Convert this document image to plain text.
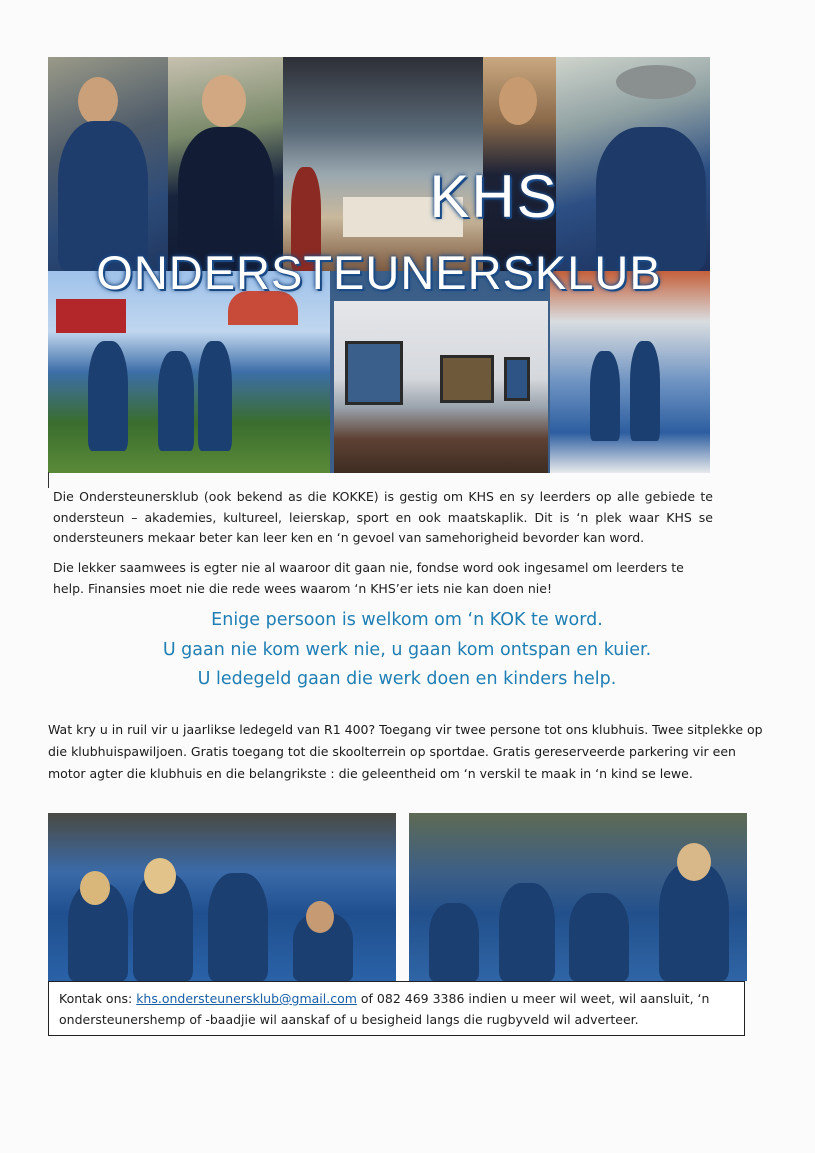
KHS
ONDERSTEUNERSKLUB

Die Ondersteunersklub (ook bekend as die KOKKE) is gestig om KHS en sy leerders op alle gebiede te ondersteun – akademies, kultureel, leierskap, sport en ook maatskaplik. Dit is ‘n plek waar KHS se ondersteuners mekaar beter kan leer ken en ‘n gevoel van samehorigheid bevorder kan word.

Die lekker saamwees is egter nie al waaroor dit gaan nie, fondse word ook ingesamel om leerders te help. Finansies moet nie die rede wees waarom ‘n KHS’er iets nie kan doen nie!

Enige persoon is welkom om ‘n KOK te word.
U gaan nie kom werk nie, u gaan kom ontspan en kuier.
U ledegeld gaan die werk doen en kinders help.

Wat kry u in ruil vir u jaarlikse ledegeld van R1 400? Toegang vir twee persone tot ons klubhuis. Twee sitplekke op die klubhuispawiljoen. Gratis toegang tot die skoolterrein op sportdae. Gratis gereserveerde parkering vir een motor agter die klubhuis en die belangrikste : die geleentheid om ‘n verskil te maak in ‘n kind se lewe.

Kontak ons: khs.ondersteunersklub@gmail.com of 082 469 3386 indien u meer wil weet, wil aansluit, ‘n ondersteunershemp of -baadjie wil aanskaf of u besigheid langs die rugbyveld wil adverteer.
